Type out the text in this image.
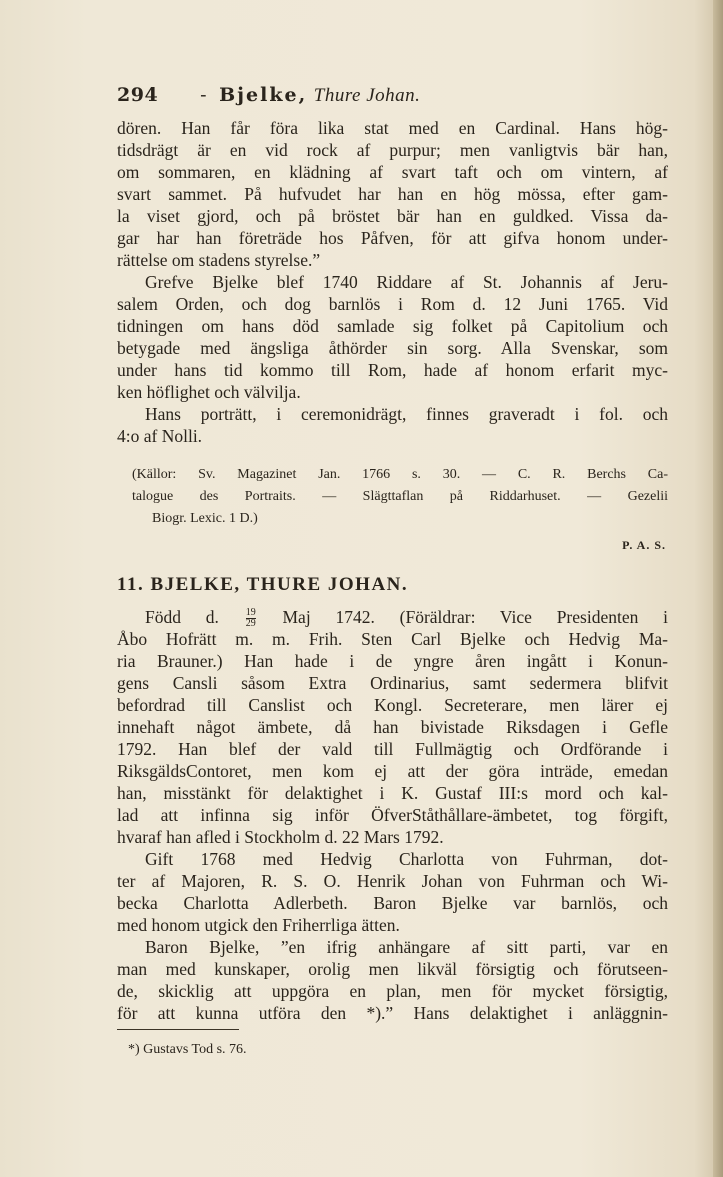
294 - Bjelke, Thure Johan.
dören. Han får föra lika stat med en Cardinal. Hans hög-
tidsdrägt är en vid rock af purpur; men vanligtvis bär han,
om sommaren, en klädning af svart taft och om vintern, af
svart sammet. På hufvudet har han en hög mössa, efter gam-
la viset gjord, och på bröstet bär han en guldked. Vissa da-
gar har han företräde hos Påfven, för att gifva honom under-
rättelse om stadens styrelse.”
Grefve Bjelke blef 1740 Riddare af St. Johannis af Jeru-
salem Orden, och dog barnlös i Rom d. 12 Juni 1765. Vid
tidningen om hans död samlade sig folket på Capitolium och
betygade med ängsliga åthörder sin sorg. Alla Svenskar, som
under hans tid kommo till Rom, hade af honom erfarit myc-
ken höflighet och välvilja.
Hans porträtt, i ceremonidrägt, finnes graveradt i fol. och
4:o af Nolli.
(Källor: Sv. Magazinet Jan. 1766 s. 30. — C. R. Berchs Ca-
talogue des Portraits. — Slägttaflan på Riddarhuset. — Gezelii
Biogr. Lexic. 1 D.)
P. A. S.
11. BJELKE, THURE JOHAN.
Född d.	$\frac{19}{29}$ Maj 1742. (Föräldrar: Vice Presidenten i
Åbo Hofrätt m. m. Frih. Sten Carl Bjelke och Hedvig Ma-
ria Brauner.) Han hade i de yngre åren ingått i Konun-
gens Cansli såsom Extra Ordinarius, samt sedermera blifvit
befordrad till Canslist och Kongl. Secreterare, men lärer ej
innehaft något ämbete, då han bivistade Riksdagen i Gefle
1792. Han blef der vald till Fullmägtig och Ordförande i
RiksgäldsContoret, men kom ej att der göra inträde, emedan
han, misstänkt för delaktighet i K. Gustaf III:s mord och kal-
lad att infinna sig inför ÖfverStåthållare-ämbetet, tog förgift,
hvaraf han afled i Stockholm d. 22 Mars 1792.
Gift 1768 med Hedvig Charlotta von Fuhrman, dot-
ter af Majoren, R. S. O. Henrik Johan von Fuhrman och Wi-
becka Charlotta Adlerbeth. Baron Bjelke var barnlös, och
med honom utgick den Friherrliga ätten.
Baron Bjelke, ”en ifrig anhängare af sitt parti, var en
man med kunskaper, orolig men likväl försigtig och förutseen-
de, skicklig att uppgöra en plan, men för mycket försigtig,
för att kunna utföra den *).” Hans delaktighet i anläggnin-
*) Gustavs Tod s. 76.
